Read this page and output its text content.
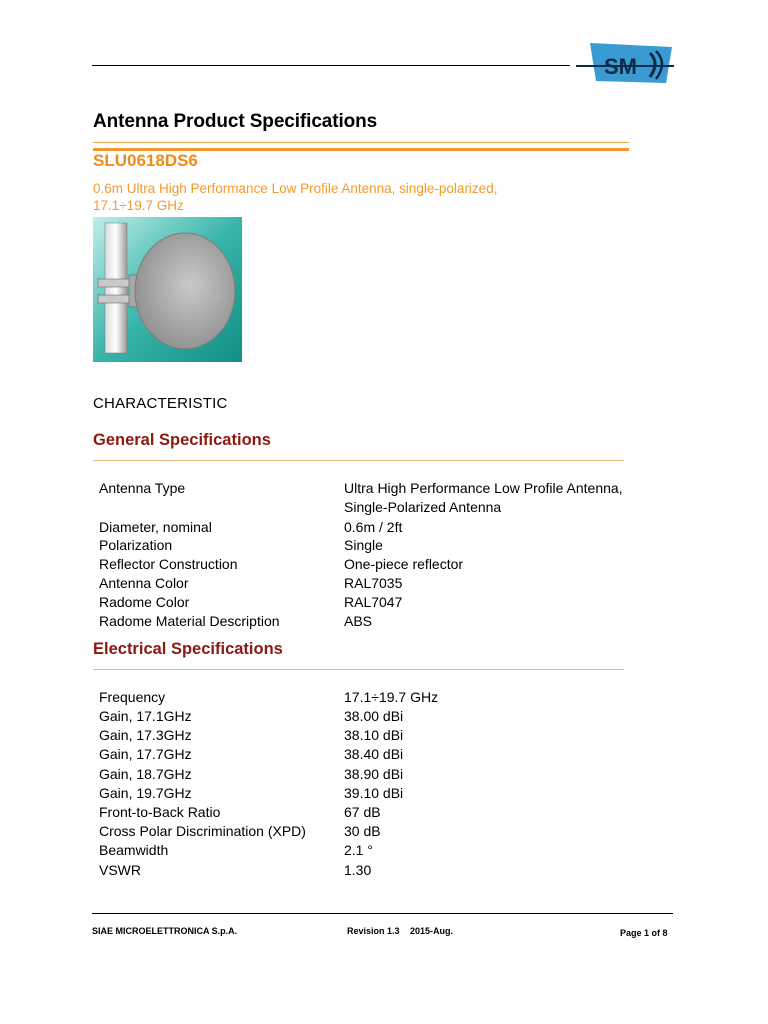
SM
Antenna Product Specifications
SLU0618DS6
0.6m Ultra High Performance Low Profile Antenna, single-polarized,
17.1÷19.7 GHz
CHARACTERISTIC
General Specifications
Antenna Type	Ultra High Performance Low Profile Antenna,
Single-Polarized Antenna
Diameter, nominal	0.6m / 2ft
Polarization	Single
Reflector Construction	One-piece reflector
Antenna Color	RAL7035
Radome Color	RAL7047
Radome Material Description	ABS
Electrical Specifications
Frequency	17.1÷19.7 GHz
Gain, 17.1GHz	38.00 dBi
Gain, 17.3GHz	38.10 dBi
Gain, 17.7GHz	38.40 dBi
Gain, 18.7GHz	38.90 dBi
Gain, 19.7GHz	39.10 dBi
Front-to-Back Ratio	67 dB
Cross Polar Discrimination (XPD)	30 dB
Beamwidth	2.1 °
VSWR	1.30
SIAE MICROELETTRONICA S.p.A.	Revision 1.3 2015-Aug.	Page 1 of 8
